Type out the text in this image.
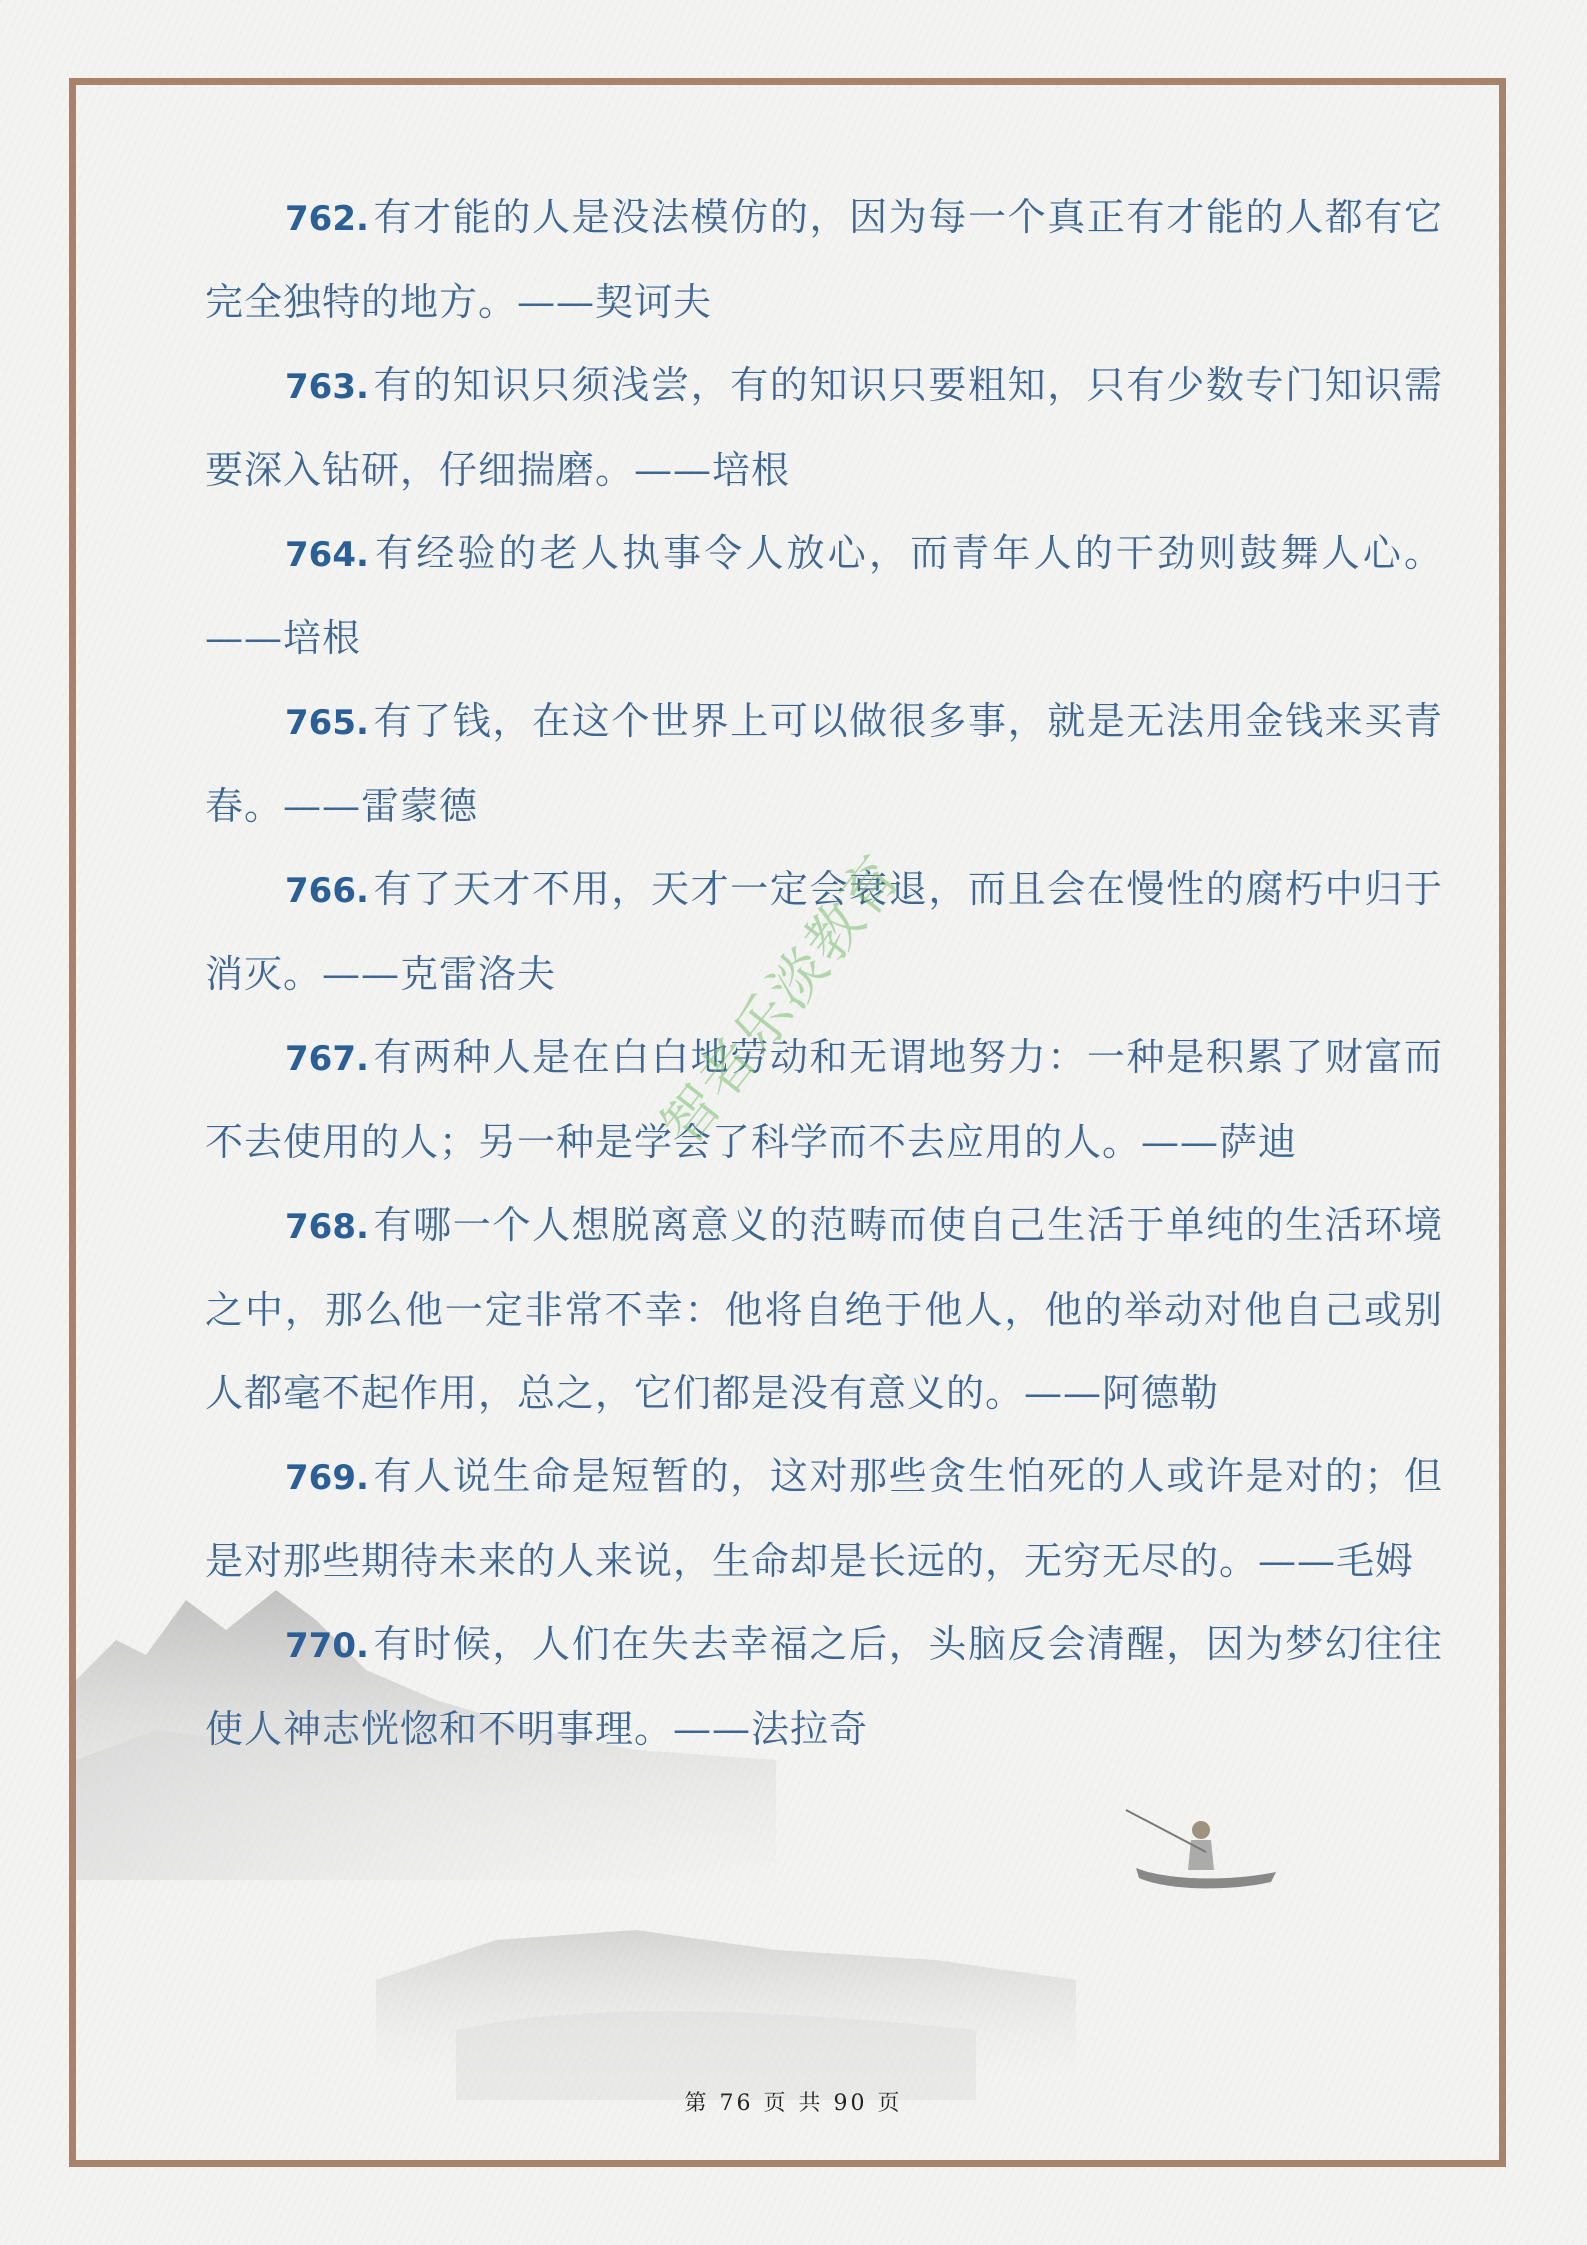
762. 有才能的人是没法模仿的，因为每一个真正有才能的人都有它完全独特的地方。——契诃夫

763. 有的知识只须浅尝，有的知识只要粗知，只有少数专门知识需要深入钻研，仔细揣磨。——培根

764. 有经验的老人执事令人放心，而青年人的干劲则鼓舞人心。——培根

765. 有了钱，在这个世界上可以做很多事，就是无法用金钱来买青春。——雷蒙德

766. 有了天才不用，天才一定会衰退，而且会在慢性的腐朽中归于消灭。——克雷洛夫

767. 有两种人是在白白地劳动和无谓地努力：一种是积累了财富而不去使用的人；另一种是学会了科学而不去应用的人。——萨迪

768. 有哪一个人想脱离意义的范畴而使自己生活于单纯的生活环境之中，那么他一定非常不幸：他将自绝于他人，他的举动对他自己或别人都毫不起作用，总之，它们都是没有意义的。——阿德勒

769. 有人说生命是短暂的，这对那些贪生怕死的人或许是对的；但是对那些期待未来的人来说，生命却是长远的，无穷无尽的。——毛姆

770. 有时候，人们在失去幸福之后，头脑反会清醒，因为梦幻往往使人神志恍惚和不明事理。——法拉奇

智者乐淡教育
第 76 页 共 90 页
